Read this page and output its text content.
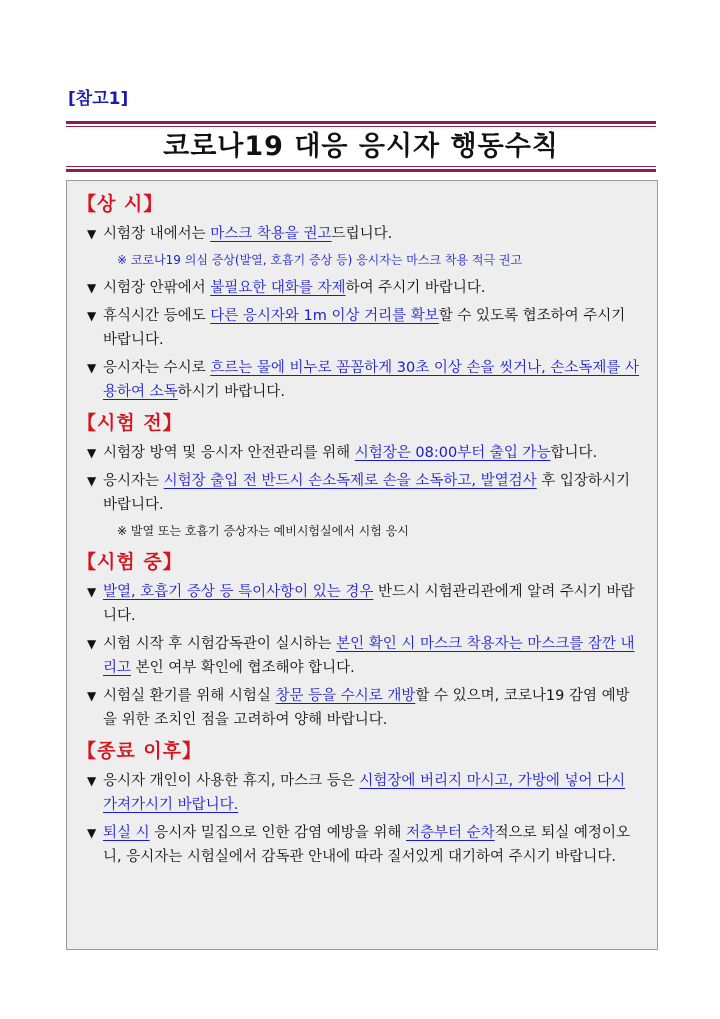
[참고1]
코로나19 대응 응시자 행동수칙
【상 시】
▼ 시험장 내에서는 마스크 착용을 권고드립니다.
※ 코로나19 의심 증상(발열, 호흡기 증상 등) 응시자는 마스크 착용 적극 권고
▼ 시험장 안팎에서 불필요한 대화를 자제하여 주시기 바랍니다.
▼ 휴식시간 등에도 다른 응시자와 1m 이상 거리를 확보할 수 있도록 협조하여 주시기 바랍니다.
▼ 응시자는 수시로 흐르는 물에 비누로 꼼꼼하게 30초 이상 손을 씻거나, 손소독제를 사용하여 소독하시기 바랍니다.
【시험 전】
▼ 시험장 방역 및 응시자 안전관리를 위해 시험장은 08:00부터 출입 가능합니다.
▼ 응시자는 시험장 출입 전 반드시 손소독제로 손을 소독하고, 발열검사 후 입장하시기 바랍니다.
※ 발열 또는 호흡기 증상자는 예비시험실에서 시험 응시
【시험 중】
▼ 발열, 호흡기 증상 등 특이사항이 있는 경우 반드시 시험관리관에게 알려 주시기 바랍니다.
▼ 시험 시작 후 시험감독관이 실시하는 본인 확인 시 마스크 착용자는 마스크를 잠깐 내리고 본인 여부 확인에 협조해야 합니다.
▼ 시험실 환기를 위해 시험실 창문 등을 수시로 개방할 수 있으며, 코로나19 감염 예방을 위한 조치인 점을 고려하여 양해 바랍니다.
【종료 이후】
▼ 응시자 개인이 사용한 휴지, 마스크 등은 시험장에 버리지 마시고, 가방에 넣어 다시 가져가시기 바랍니다.
▼ 퇴실 시 응시자 밀집으로 인한 감염 예방을 위해 저층부터 순차적으로 퇴실 예정이오니, 응시자는 시험실에서 감독관 안내에 따라 질서있게 대기하여 주시기 바랍니다.
